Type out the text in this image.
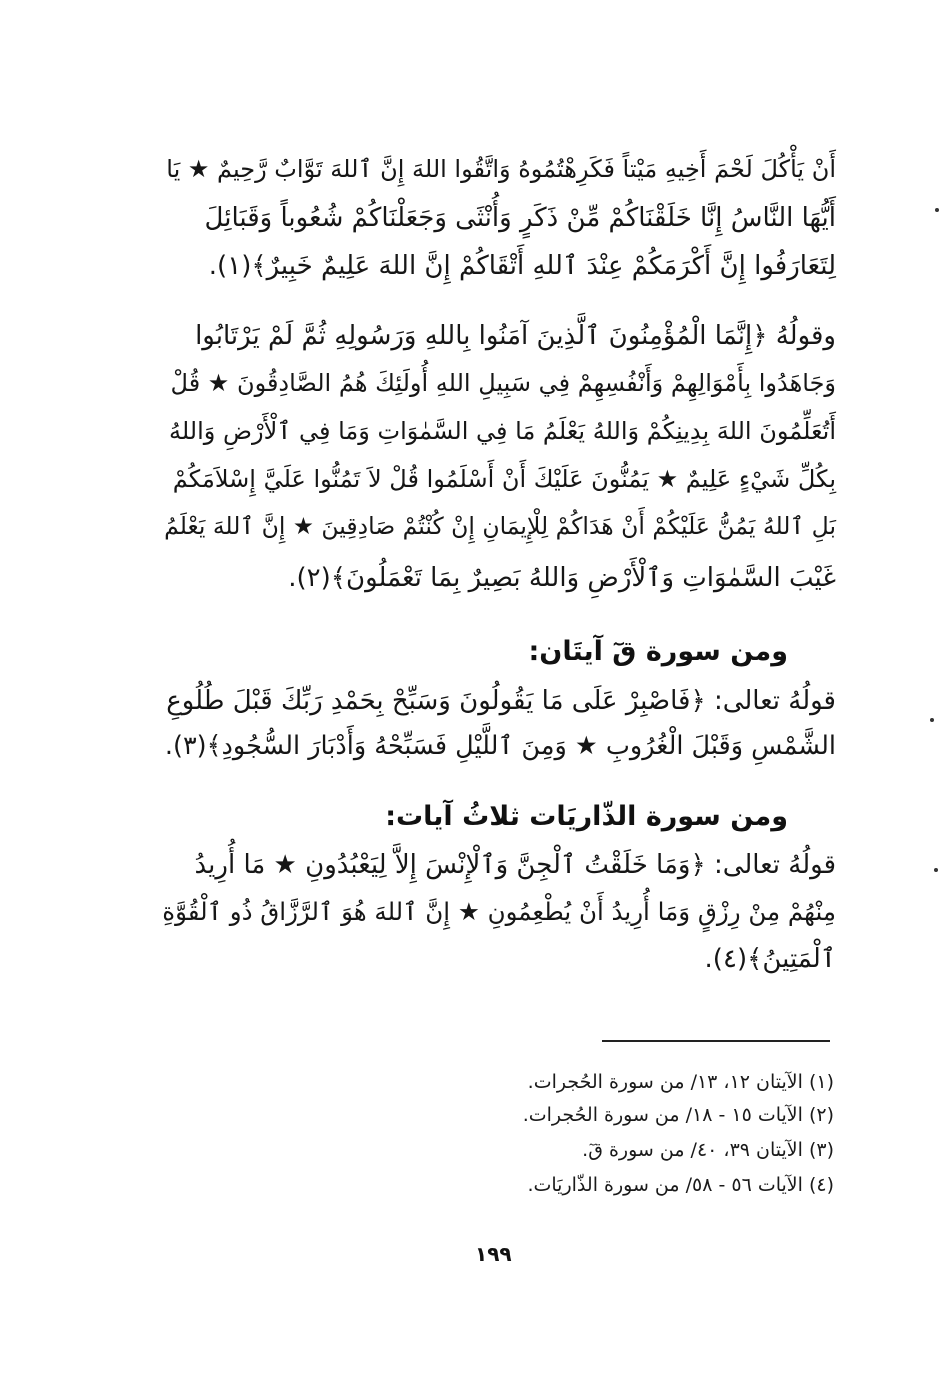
أَنْ يَأْكُلَ لَحْمَ أَخِيهِ مَيْتاً فَكَرِهْتُمُوهُ وَاتَّقُوا اللهَ إِنَّ ٱللهَ تَوَّابٌ رَّحِيمٌ ★ يَا
أَيُّهَا النَّاسُ إِنَّا خَلَقْنَاكُمْ مِّنْ ذَكَرٍ وَأُنْثَى وَجَعَلْنَاكُمْ شُعُوباً وَقَبَائِلَ
لِتَعَارَفُوا إِنَّ أَكْرَمَكُمْ عِنْدَ ٱللهِ أَتْقَاكُمْ إِنَّ اللهَ عَلِيمٌ خَبِيرٌ﴾(١).
وقولُهُ ﴿إِنَّمَا الْمُؤْمِنُونَ ٱلَّذِينَ آمَنُوا بِاللهِ وَرَسُولِهِ ثُمَّ لَمْ يَرْتَابُوا
وَجَاهَدُوا بِأَمْوَالِهِمْ وَأَنْفُسِهِمْ فِي سَبِيلِ اللهِ أُولَئِكَ هُمُ الصَّادِقُونَ ★ قُلْ
أَتُعَلِّمُونَ اللهَ بِدِينِكُمْ وَاللهُ يَعْلَمُ مَا فِي السَّمٰوَاتِ وَمَا فِي ٱلْأَرْضِ وَاللهُ
بِكُلِّ شَيْءٍ عَلِيمٌ ★ يَمُنُّونَ عَلَيْكَ أَنْ أَسْلَمُوا قُلْ لاَ تَمُنُّوا عَلَيَّ إِسْلاَمَكُمْ
بَلِ ٱللهُ يَمُنُّ عَلَيْكُمْ أَنْ هَدَاكُمْ لِلْإِيمَانِ إِنْ كُنْتُمْ صَادِقِينَ ★ إِنَّ ٱللهَ يَعْلَمُ
غَيْبَ السَّمٰوَاتِ وَٱلْأَرْضِ وَاللهُ بَصِيرٌ بِمَا تَعْمَلُونَ﴾(٢).
ومن سورة قٓ آيتَان:
قولُهُ تعالى: ﴿فَاصْبِرْ عَلَى مَا يَقُولُونَ وَسَبِّحْ بِحَمْدِ رَبِّكَ قَبْلَ طُلُوعِ
الشَّمْسِ وَقَبْلَ الْغُرُوبِ ★ وَمِنَ ٱللَّيْلِ فَسَبِّحْهُ وَأَدْبَارَ السُّجُودِ﴾(٣).
ومن سورة الذّاريَات ثلاثُ آيات:
قولُهُ تعالى: ﴿وَمَا خَلَقْتُ ٱلْجِنَّ وَٱلْإِنْسَ إِلاَّ لِيَعْبُدُونِ ★ مَا أُرِيدُ
مِنْهُمْ مِنْ رِزْقٍ وَمَا أُرِيدُ أَنْ يُطْعِمُونِ ★ إِنَّ ٱللهَ هُوَ ٱلرَّزَّاقُ ذُو ٱلْقُوَّةِ
ٱلْمَتِينُ﴾(٤).
(١) الآيتان ١٢، ١٣/ من سورة الحُجرات.
(٢) الآيات ١٥ - ١٨/ من سورة الحُجرات.
(٣) الآيتان ٣٩، ٤٠/ من سورة قٓ.
(٤) الآيات ٥٦ - ٥٨/ من سورة الذّاريَات.
١٩٩
